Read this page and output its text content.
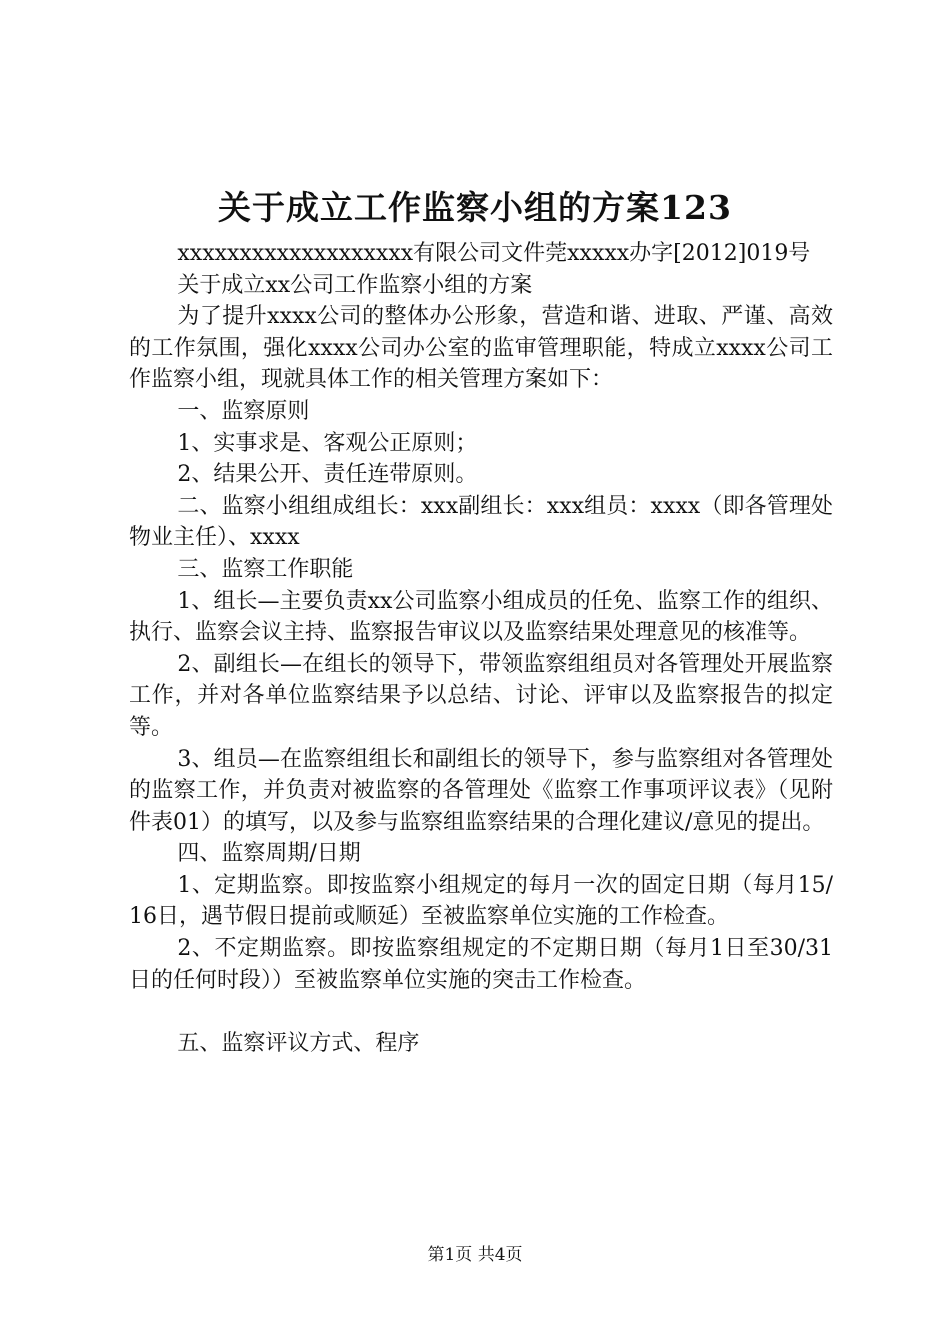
关于成立工作监察小组的方案123

xxxxxxxxxxxxxxxxxxx有限公司文件莞xxxxx办字[2012]019号

关于成立xx公司工作监察小组的方案

为了提升xxxx公司的整体办公形象，营造和谐、进取、严谨、高效的工作氛围，强化xxxx公司办公室的监审管理职能，特成立xxxx公司工作监察小组，现就具体工作的相关管理方案如下：

一、监察原则

1、实事求是、客观公正原则；

2、结果公开、责任连带原则。

二、监察小组组成组长：xxx副组长：xxx组员：xxxx（即各管理处物业主任）、xxxx

三、监察工作职能

1、组长—主要负责xx公司监察小组成员的任免、监察工作的组织、执行、监察会议主持、监察报告审议以及监察结果处理意见的核准等。

2、副组长—在组长的领导下，带领监察组组员对各管理处开展监察工作，并对各单位监察结果予以总结、讨论、评审以及监察报告的拟定等。

3、组员—在监察组组长和副组长的领导下，参与监察组对各管理处的监察工作，并负责对被监察的各管理处《监察工作事项评议表》（见附件表01）的填写，以及参与监察组监察结果的合理化建议/意见的提出。

四、监察周期/日期

1、定期监察。即按监察小组规定的每月一次的固定日期（每月15/16日，遇节假日提前或顺延）至被监察单位实施的工作检查。

2、不定期监察。即按监察组规定的不定期日期（每月1日至30/31日的任何时段））至被监察单位实施的突击工作检查。

五、监察评议方式、程序

第1页 共4页
